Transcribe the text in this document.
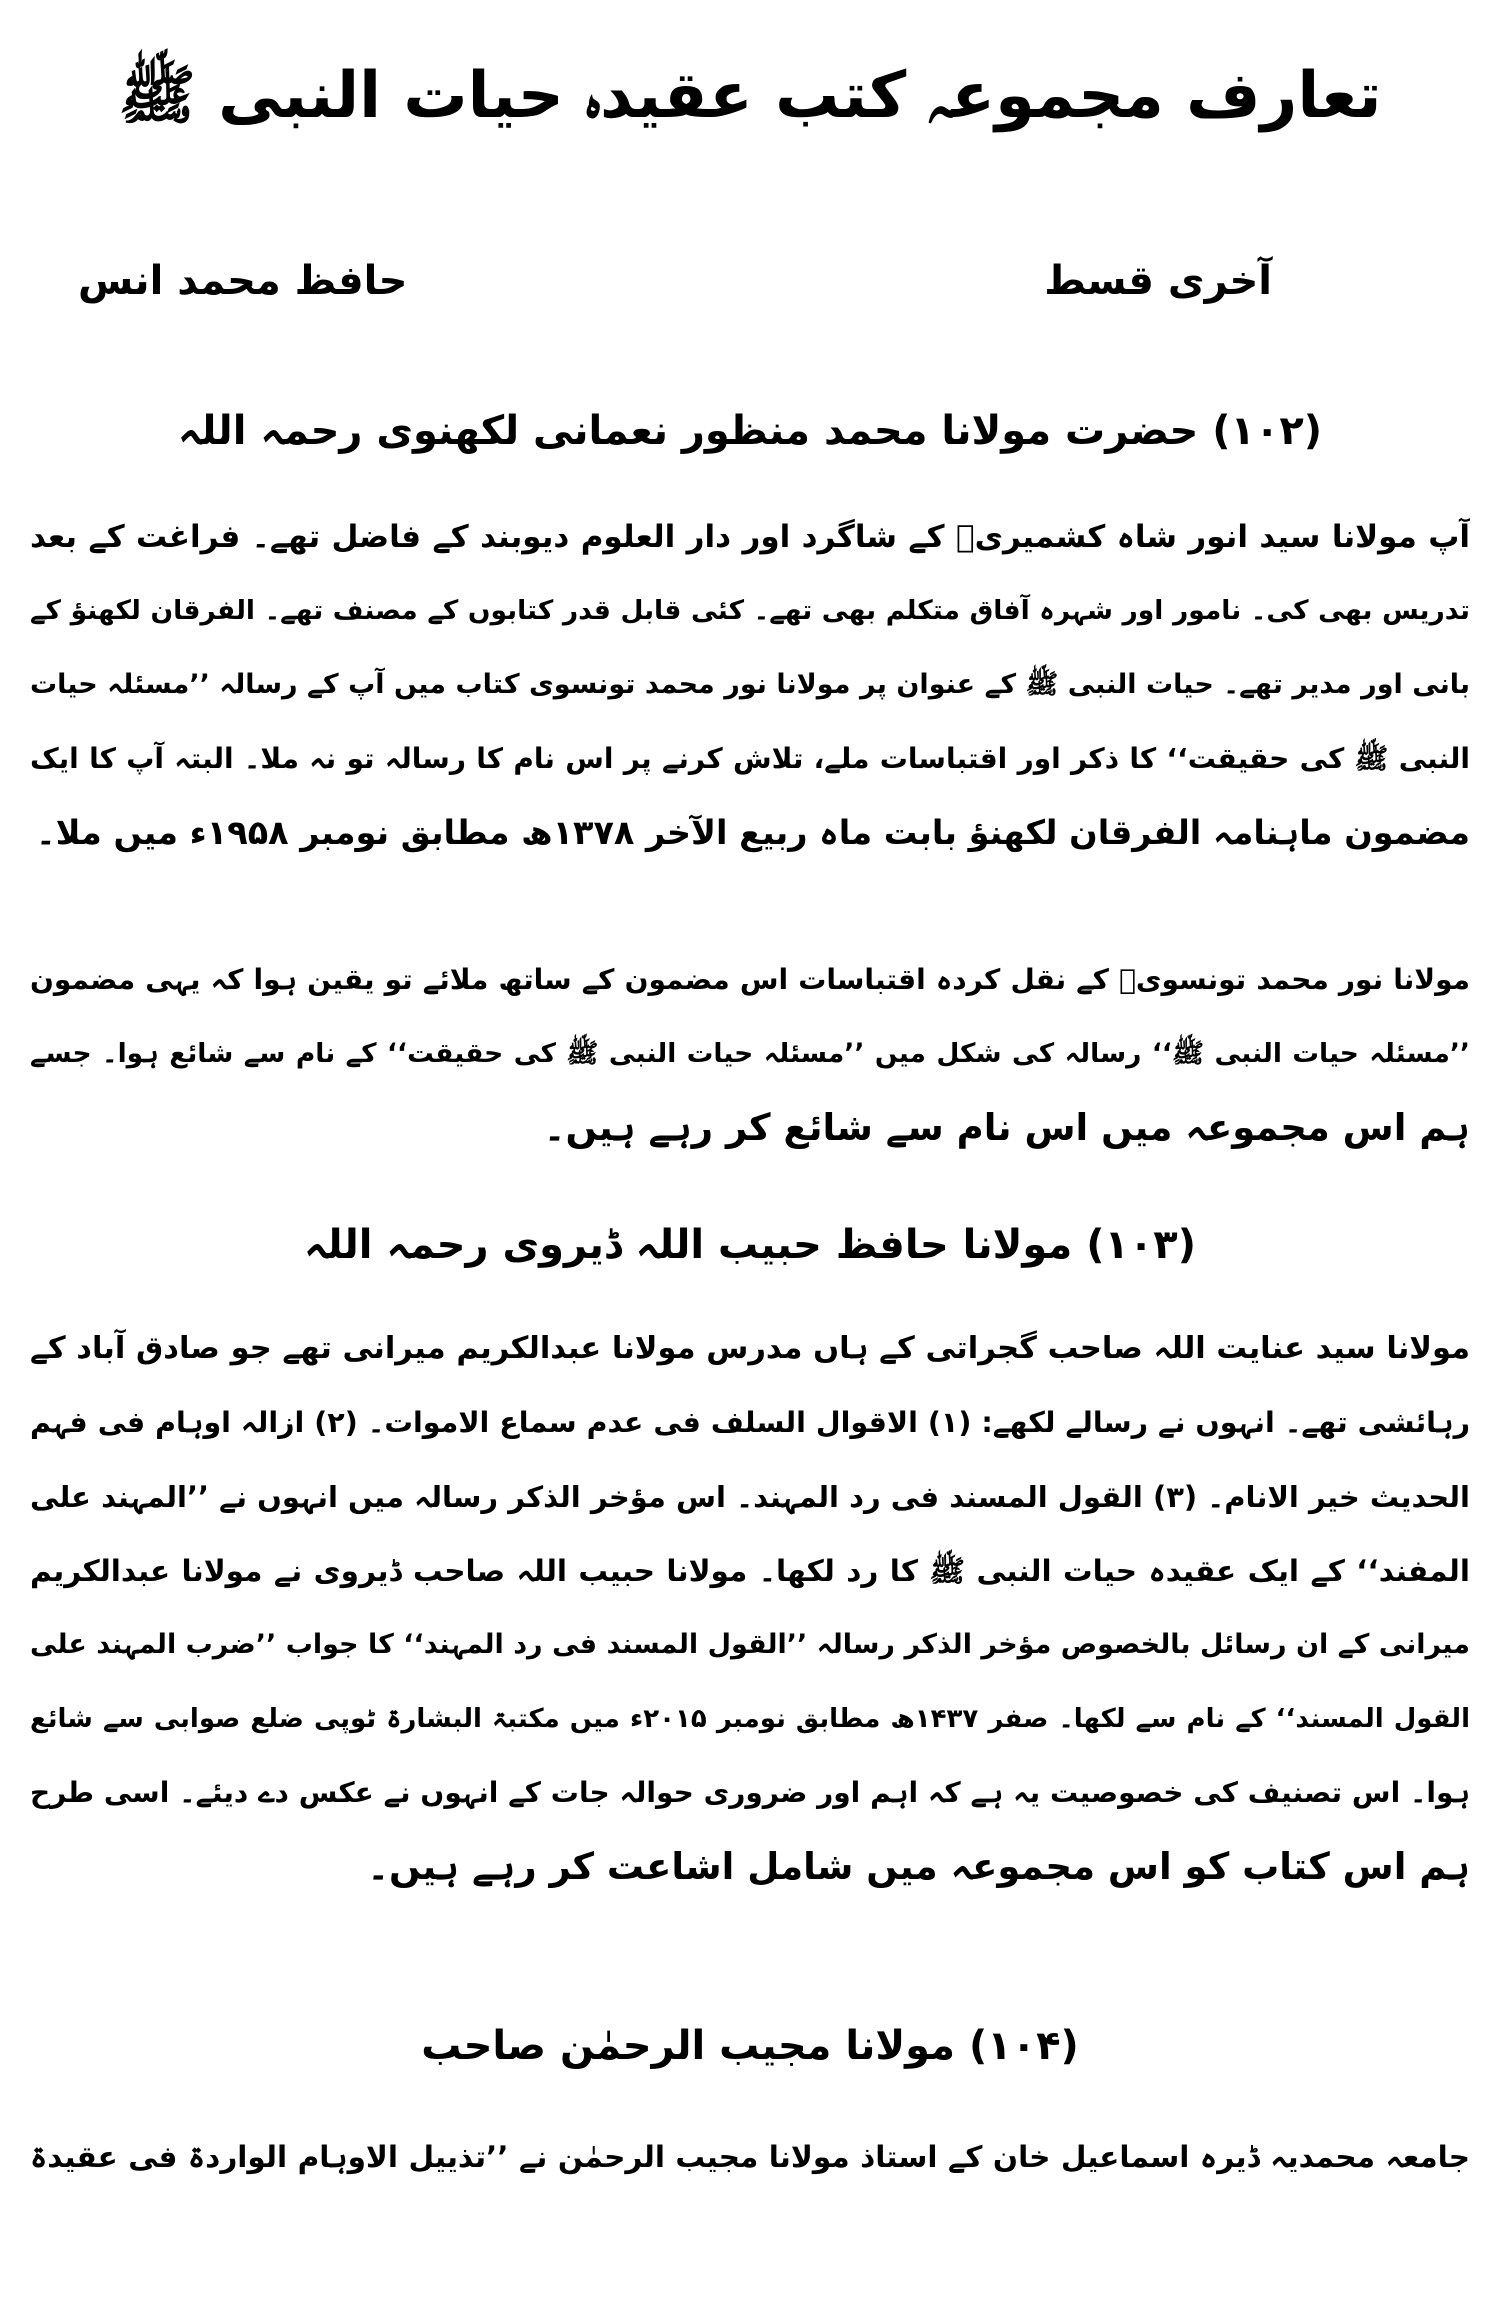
تعارف مجموعہ کتب عقیدہ حیات النبی ﷺ
آخری قسط
حافظ محمد انس
(۱۰۲) حضرت مولانا محمد منظور نعمانی لکھنوی رحمہ اللہ
آپ مولانا سید انور شاہ کشمیریؒ کے شاگرد اور دار العلوم دیوبند کے فاضل تھے۔ فراغت کے بعد
تدریس بھی کی۔ نامور اور شہرہ آفاق متکلم بھی تھے۔ کئی قابل قدر کتابوں کے مصنف تھے۔ الفرقان لکھنؤ کے
بانی اور مدیر تھے۔ حیات النبی ﷺ کے عنوان پر مولانا نور محمد تونسوی کتاب میں آپ کے رسالہ ’’مسئلہ حیات
النبی ﷺ کی حقیقت‘‘ کا ذکر اور اقتباسات ملے، تلاش کرنے پر اس نام کا رسالہ تو نہ ملا۔ البتہ آپ کا ایک
مضمون ماہنامہ الفرقان لکھنؤ بابت ماہ ربیع الآخر ۱۳۷۸ھ مطابق نومبر ۱۹۵۸ء میں ملا۔
مولانا نور محمد تونسویؒ کے نقل کردہ اقتباسات اس مضمون کے ساتھ ملائے تو یقین ہوا کہ یہی مضمون
’’مسئلہ حیات النبی ﷺ‘‘ رسالہ کی شکل میں ’’مسئلہ حیات النبی ﷺ کی حقیقت‘‘ کے نام سے شائع ہوا۔ جسے
ہم اس مجموعہ میں اس نام سے شائع کر رہے ہیں۔
(۱۰۳) مولانا حافظ حبیب اللہ ڈیروی رحمہ اللہ
مولانا سید عنایت اللہ صاحب گجراتی کے ہاں مدرس مولانا عبدالکریم میرانی تھے جو صادق آباد کے
رہائشی تھے۔ انہوں نے رسالے لکھے: (۱) الاقوال السلف فی عدم سماع الاموات۔ (۲) ازالہ اوہام فی فہم
الحدیث خیر الانام۔ (۳) القول المسند فی رد المہند۔ اس مؤخر الذکر رسالہ میں انہوں نے ’’المہند علی
المفند‘‘ کے ایک عقیدہ حیات النبی ﷺ کا رد لکھا۔ مولانا حبیب اللہ صاحب ڈیروی نے مولانا عبدالکریم
میرانی کے ان رسائل بالخصوص مؤخر الذکر رسالہ ’’القول المسند فی رد المہند‘‘ کا جواب ’’ضرب المہند علی
القول المسند‘‘ کے نام سے لکھا۔ صفر ۱۴۳۷ھ مطابق نومبر ۲۰۱۵ء میں مکتبۃ البشارۃ ٹوپی ضلع صوابی سے شائع
ہوا۔ اس تصنیف کی خصوصیت یہ ہے کہ اہم اور ضروری حوالہ جات کے انہوں نے عکس دے دیئے۔ اسی طرح
ہم اس کتاب کو اس مجموعہ میں شامل اشاعت کر رہے ہیں۔
(۱۰۴) مولانا مجیب الرحمٰن صاحب
جامعہ محمدیہ ڈیرہ اسماعیل خان کے استاذ مولانا مجیب الرحمٰن نے ’’تذییل الاوہام الواردۃ فی عقیدۃ
